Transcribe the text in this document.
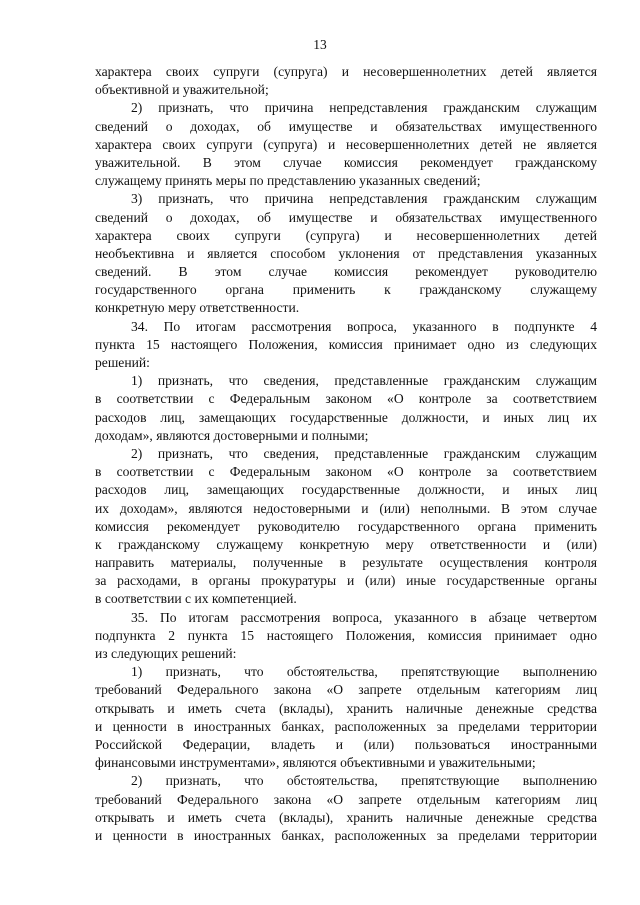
13
характера своих супруги (супруга) и несовершеннолетних детей является
объективной и уважительной;
2) признать, что причина непредставления гражданским служащим
сведений о доходах, об имуществе и обязательствах имущественного
характера своих супруги (супруга) и несовершеннолетних детей не является
уважительной. В этом случае комиссия рекомендует гражданскому
служащему принять меры по представлению указанных сведений;
3) признать, что причина непредставления гражданским служащим
сведений о доходах, об имуществе и обязательствах имущественного
характера своих супруги (супруга) и несовершеннолетних детей
необъективна и является способом уклонения от представления указанных
сведений. В этом случае комиссия рекомендует руководителю
государственного органа применить к гражданскому служащему
конкретную меру ответственности.
34. По итогам рассмотрения вопроса, указанного в подпункте 4
пункта 15 настоящего Положения, комиссия принимает одно из следующих
решений:
1) признать, что сведения, представленные гражданским служащим
в соответствии с Федеральным законом «О контроле за соответствием
расходов лиц, замещающих государственные должности, и иных лиц их
доходам», являются достоверными и полными;
2) признать, что сведения, представленные гражданским служащим
в соответствии с Федеральным законом «О контроле за соответствием
расходов лиц, замещающих государственные должности, и иных лиц
их доходам», являются недостоверными и (или) неполными. В этом случае
комиссия рекомендует руководителю государственного органа применить
к гражданскому служащему конкретную меру ответственности и (или)
направить материалы, полученные в результате осуществления контроля
за расходами, в органы прокуратуры и (или) иные государственные органы
в соответствии с их компетенцией.
35. По итогам рассмотрения вопроса, указанного в абзаце четвертом
подпункта 2 пункта 15 настоящего Положения, комиссия принимает одно
из следующих решений:
1) признать, что обстоятельства, препятствующие выполнению
требований Федерального закона «О запрете отдельным категориям лиц
открывать и иметь счета (вклады), хранить наличные денежные средства
и ценности в иностранных банках, расположенных за пределами территории
Российской Федерации, владеть и (или) пользоваться иностранными
финансовыми инструментами», являются объективными и уважительными;
2) признать, что обстоятельства, препятствующие выполнению
требований Федерального закона «О запрете отдельным категориям лиц
открывать и иметь счета (вклады), хранить наличные денежные средства
и ценности в иностранных банках, расположенных за пределами территории
